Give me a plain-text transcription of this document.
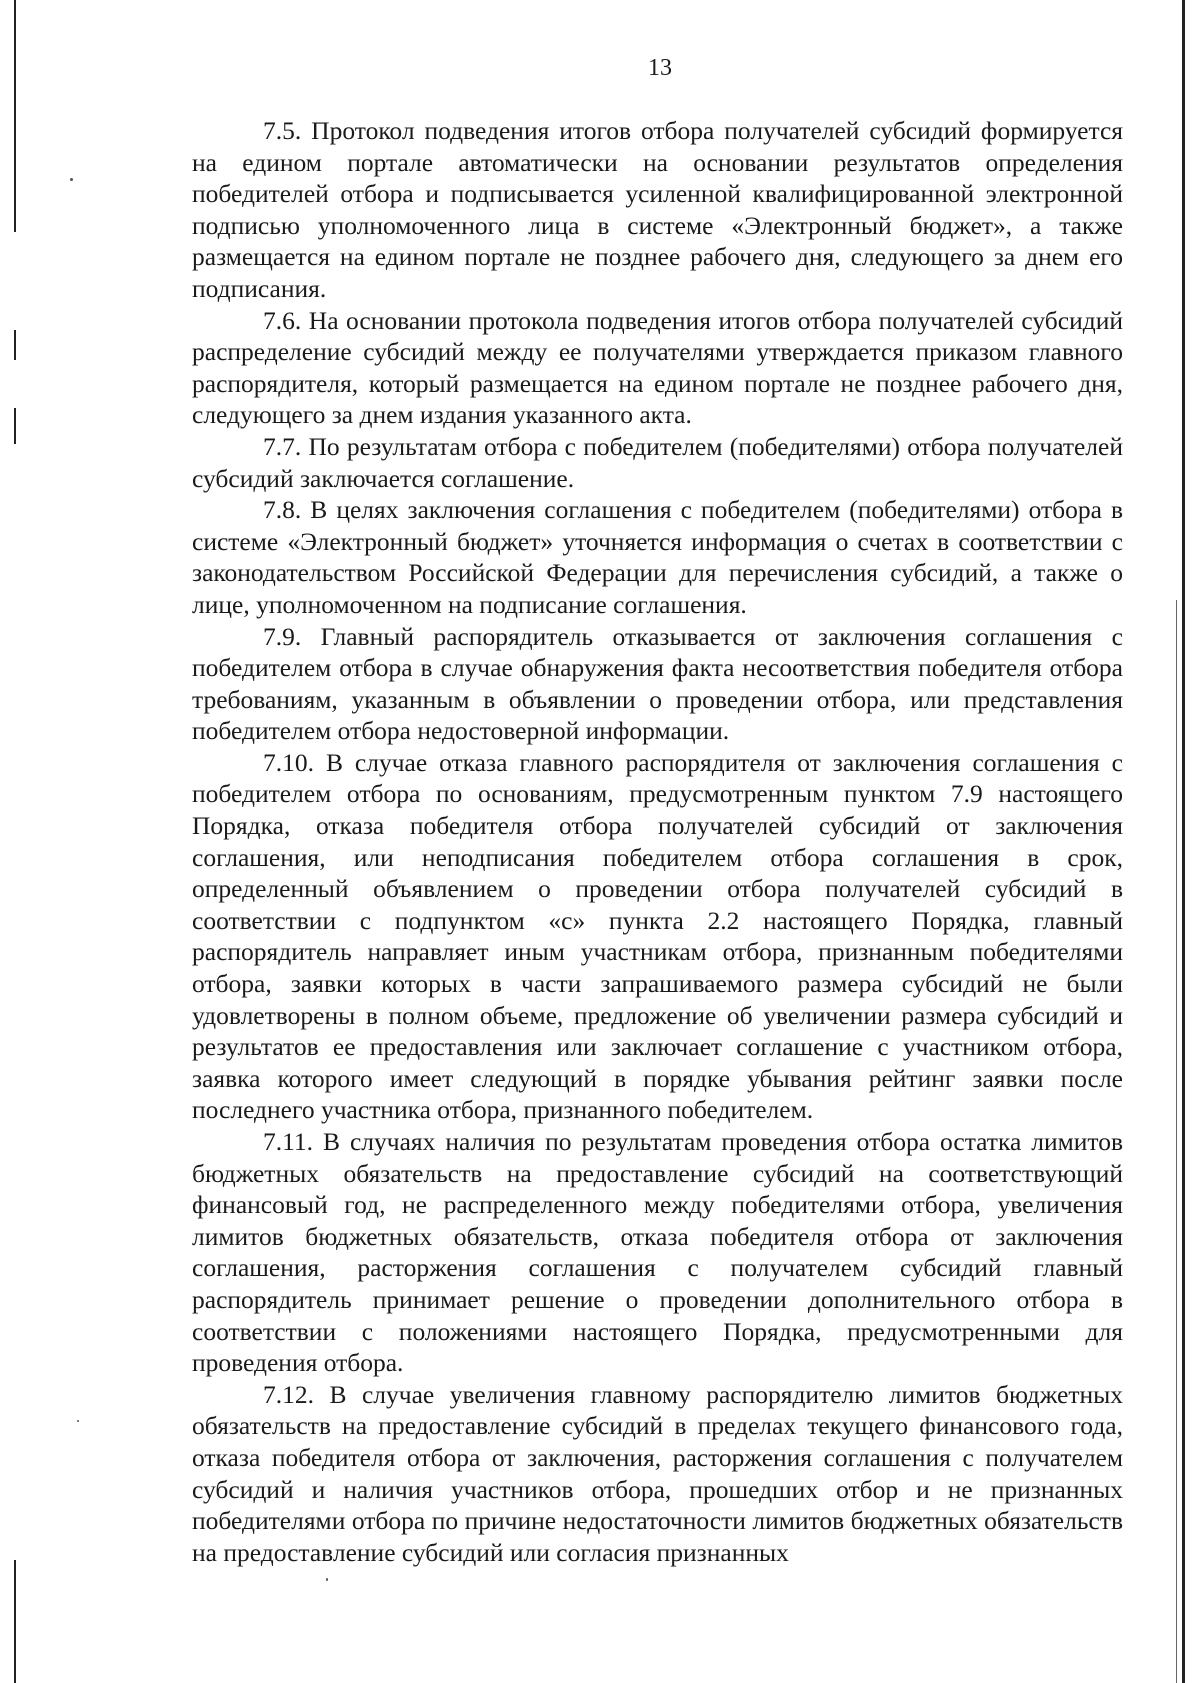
13

7.5. Протокол подведения итогов отбора получателей субсидий формируется на едином портале автоматически на основании результатов определения победителей отбора и подписывается усиленной квалифицированной электронной подписью уполномоченного лица в системе «Электронный бюджет», а также размещается на едином портале не позднее рабочего дня, следующего за днем его подписания.

7.6. На основании протокола подведения итогов отбора получателей субсидий распределение субсидий между ее получателями утверждается приказом главного распорядителя, который размещается на едином портале не позднее рабочего дня, следующего за днем издания указанного акта.

7.7. По результатам отбора с победителем (победителями) отбора получателей субсидий заключается соглашение.

7.8. В целях заключения соглашения с победителем (победителями) отбора в системе «Электронный бюджет» уточняется информация о счетах в соответствии с законодательством Российской Федерации для перечисления субсидий, а также о лице, уполномоченном на подписание соглашения.

7.9. Главный распорядитель отказывается от заключения соглашения с победителем отбора в случае обнаружения факта несоответствия победителя отбора требованиям, указанным в объявлении о проведении отбора, или представления победителем отбора недостоверной информации.

7.10. В случае отказа главного распорядителя от заключения соглашения с победителем отбора по основаниям, предусмотренным пунктом 7.9 настоящего Порядка, отказа победителя отбора получателей субсидий от заключения соглашения, или неподписания победителем отбора соглашения в срок, определенный объявлением о проведении отбора получателей субсидий в соответствии с подпунктом «с» пункта 2.2 настоящего Порядка, главный распорядитель направляет иным участникам отбора, признанным победителями отбора, заявки которых в части запрашиваемого размера субсидий не были удовлетворены в полном объеме, предложение об увеличении размера субсидий и результатов ее предоставления или заключает соглашение с участником отбора, заявка которого имеет следующий в порядке убывания рейтинг заявки после последнего участника отбора, признанного победителем.

7.11. В случаях наличия по результатам проведения отбора остатка лимитов бюджетных обязательств на предоставление субсидий на соответствующий финансовый год, не распределенного между победителями отбора, увеличения лимитов бюджетных обязательств, отказа победителя отбора от заключения соглашения, расторжения соглашения с получателем субсидий главный распорядитель принимает решение о проведении дополнительного отбора в соответствии с положениями настоящего Порядка, предусмотренными для проведения отбора.

7.12. В случае увеличения главному распорядителю лимитов бюджетных обязательств на предоставление субсидий в пределах текущего финансового года, отказа победителя отбора от заключения, расторжения соглашения с получателем субсидий и наличия участников отбора, прошедших отбор и не признанных победителями отбора по причине недостаточности лимитов бюджетных обязательств на предоставление субсидий или согласия признанных
